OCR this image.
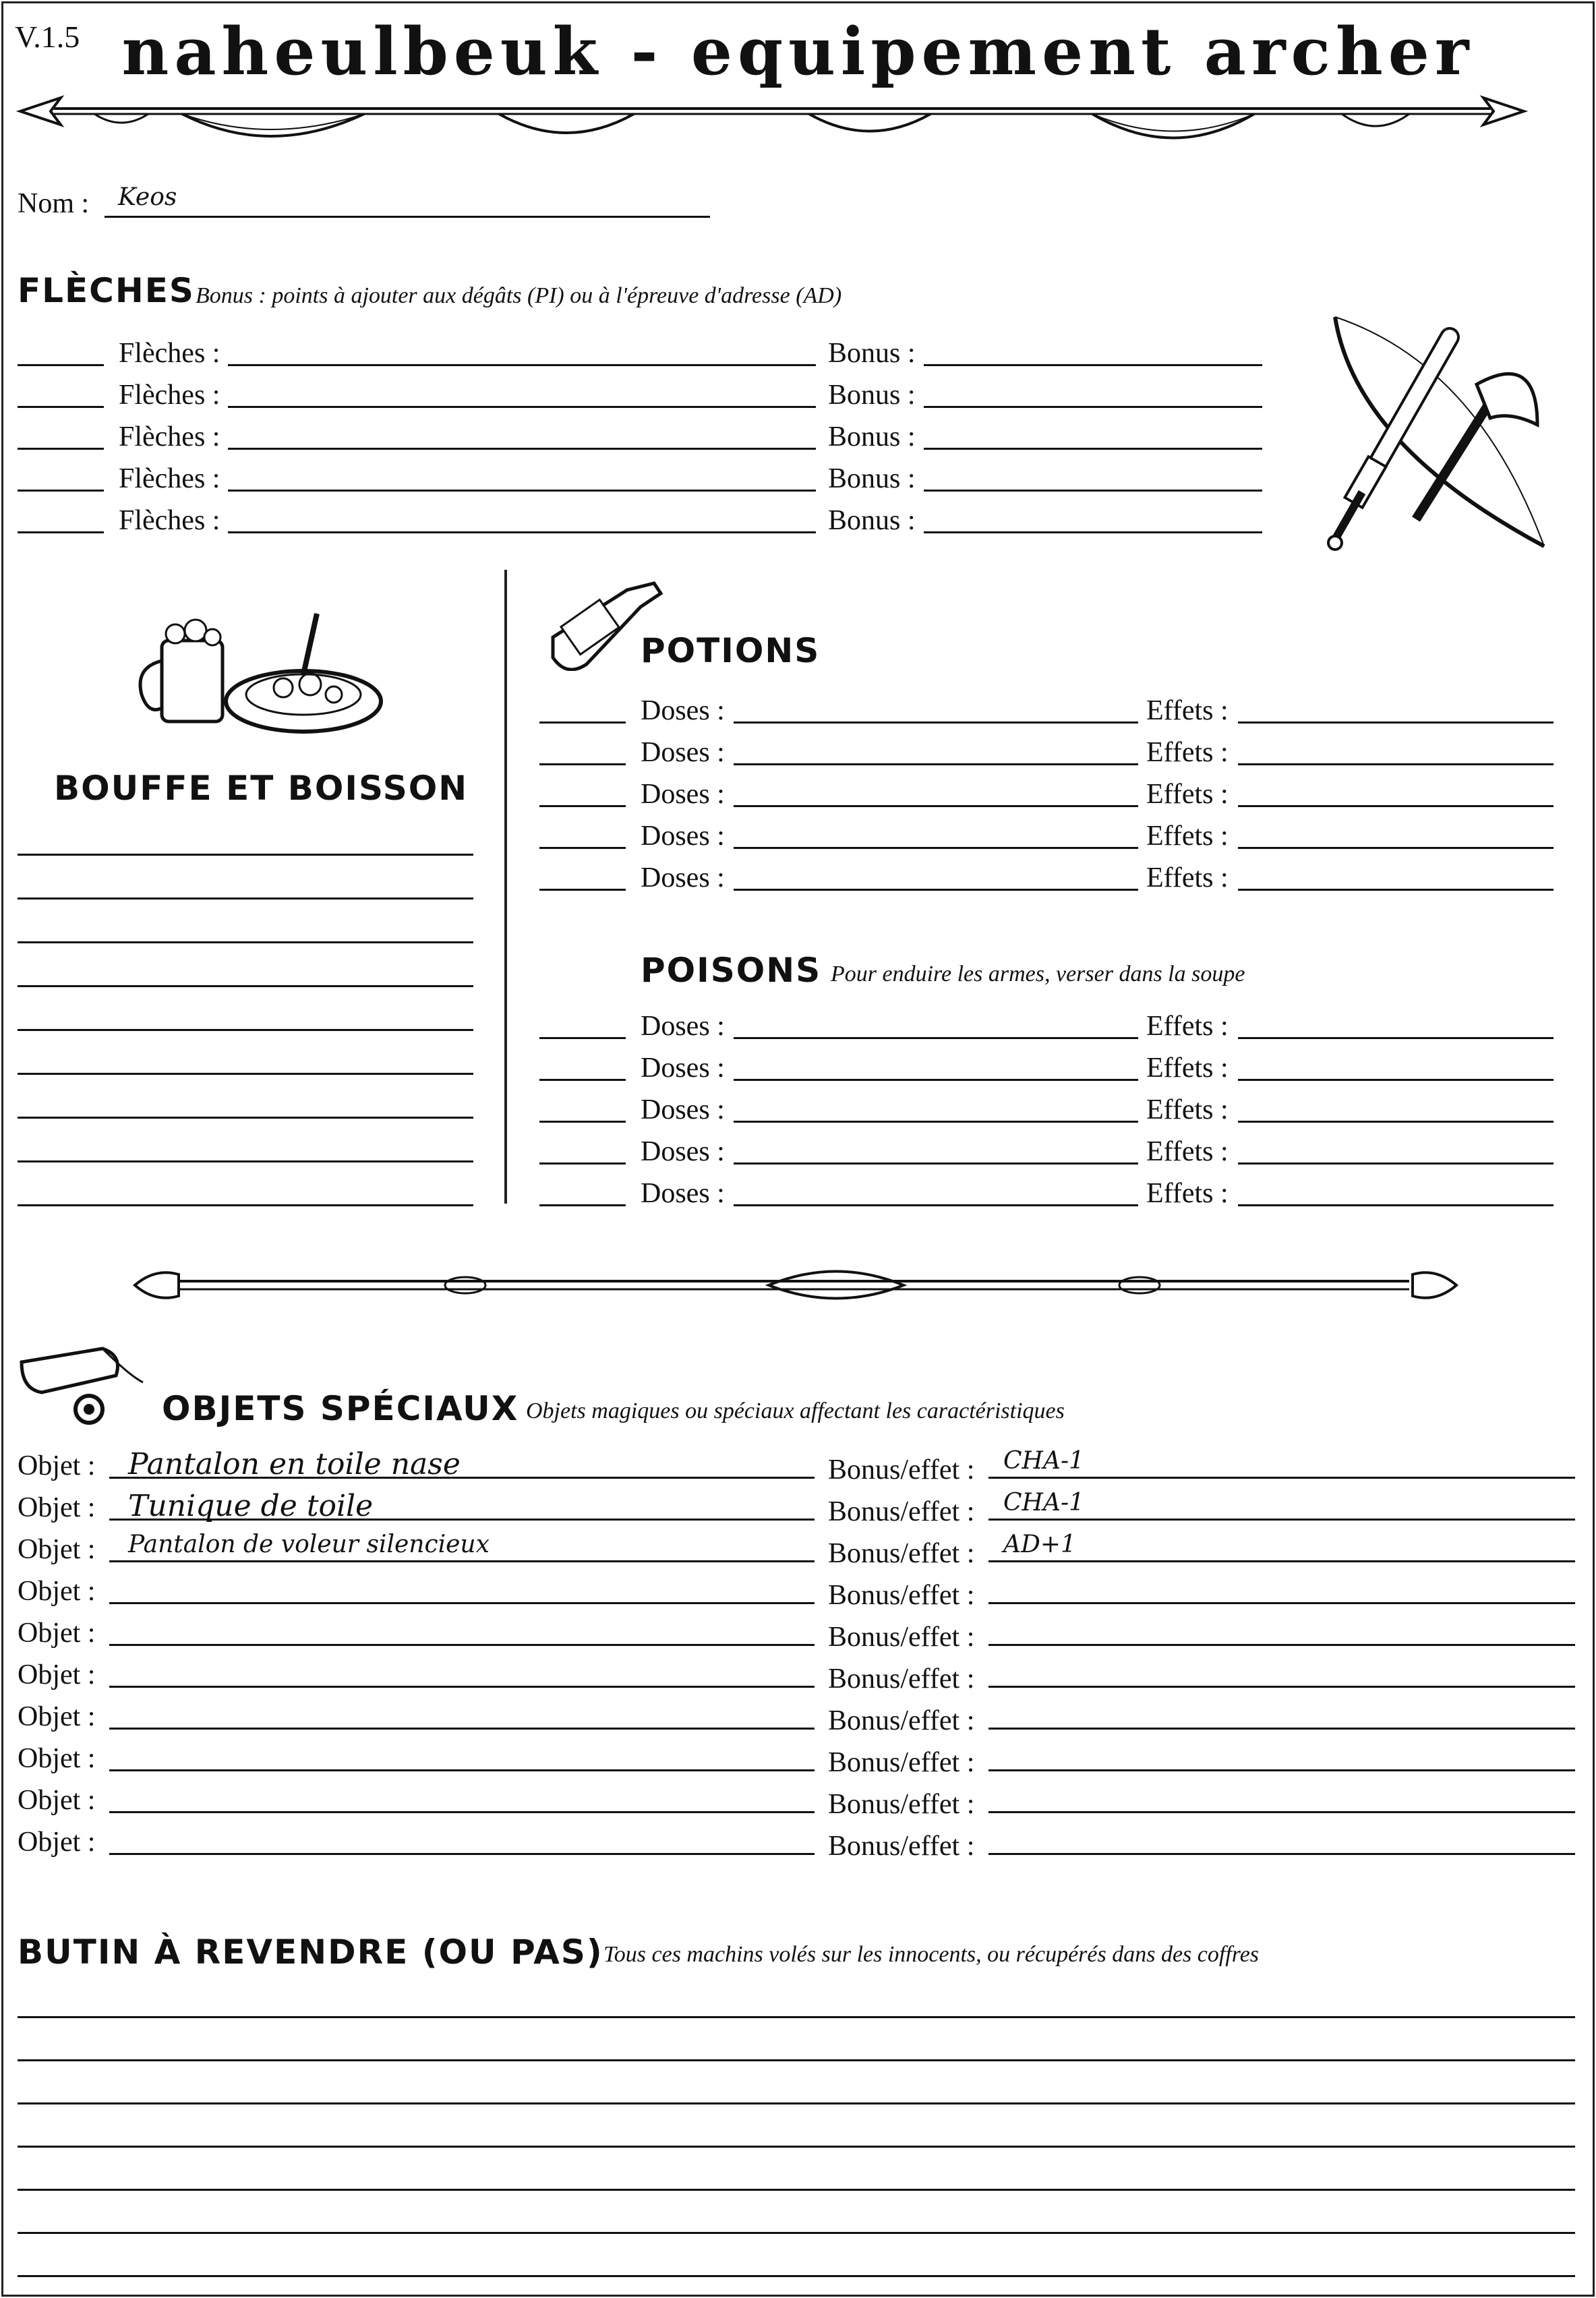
V.1.5 naheulbeuk - equipement archer
Nom : Keos
FLÈCHES Bonus : points à ajouter aux dégâts (PI) ou à l'épreuve d'adresse (AD)
Flèches :	Bonus :
Flèches :	Bonus :
Flèches :	Bonus :
Flèches :	Bonus :
Flèches :	Bonus :
BOUFFE ET BOISSON
POTIONS
Doses :	Effets :
Doses :	Effets :
Doses :	Effets :
Doses :	Effets :
Doses :	Effets :
POISONS Pour enduire les armes, verser dans la soupe
Doses :	Effets :
Doses :	Effets :
Doses :	Effets :
Doses :	Effets :
Doses :	Effets :
OBJETS SPÉCIAUX Objets magiques ou spéciaux affectant les caractéristiques
Objet : Pantalon en toile nase	Bonus/effet : CHA-1
Objet : Tunique de toile	Bonus/effet : CHA-1
Objet : Pantalon de voleur silencieux	Bonus/effet : AD+1
Objet :	Bonus/effet :
Objet :	Bonus/effet :
Objet :	Bonus/effet :
Objet :	Bonus/effet :
Objet :	Bonus/effet :
Objet :	Bonus/effet :
Objet :	Bonus/effet :
BUTIN À REVENDRE (OU PAS) Tous ces machins volés sur les innocents, ou récupérés dans des coffres
